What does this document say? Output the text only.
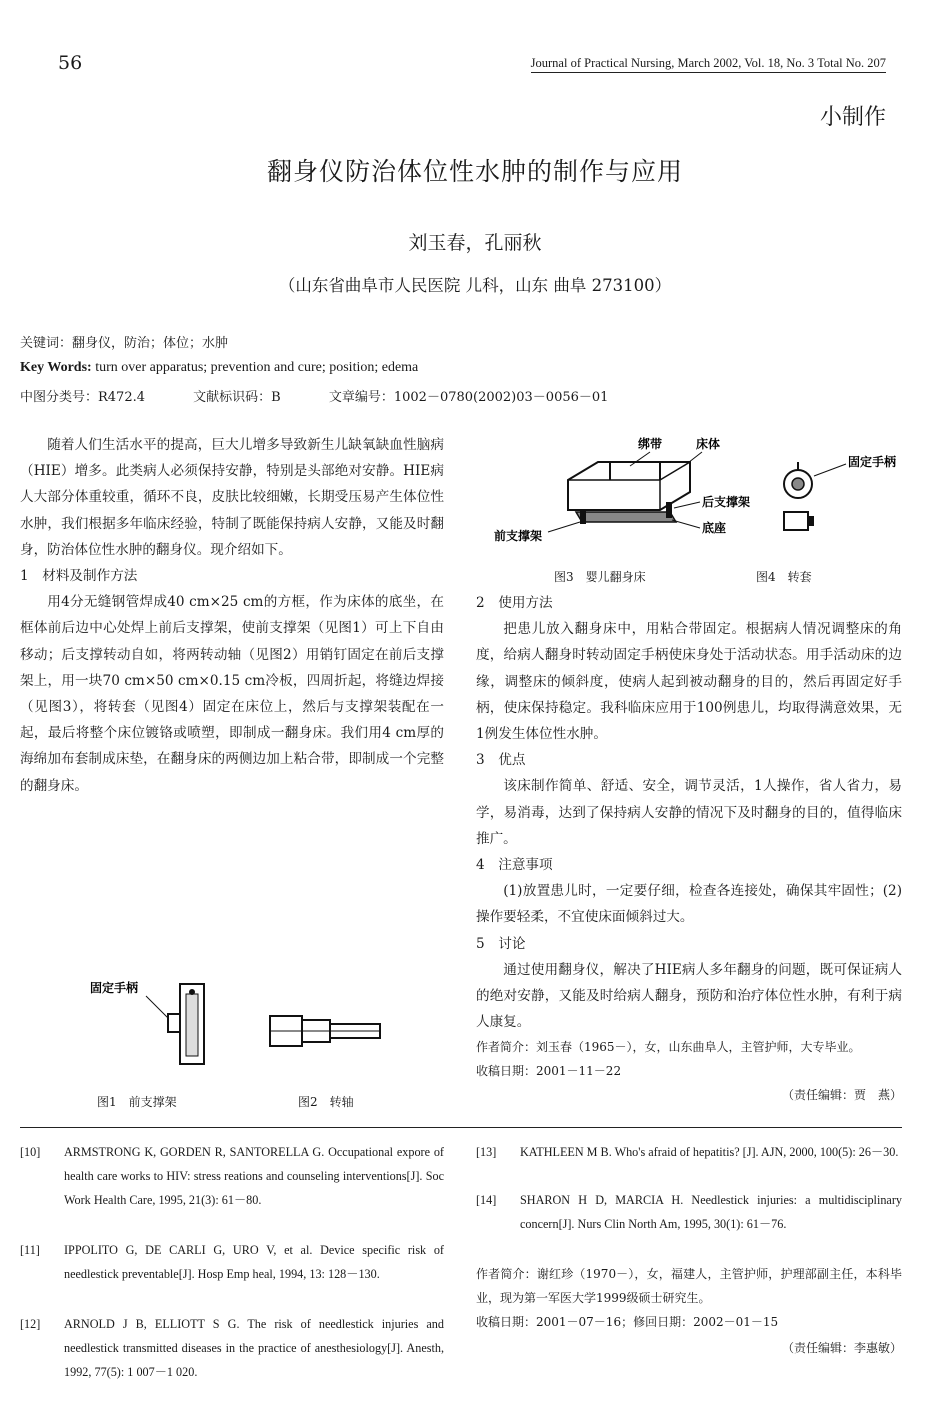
56	Journal of Practical Nursing, March 2002, Vol. 18, No. 3 Total No. 207
小制作
翻身仪防治体位性水肿的制作与应用
刘玉春，孔丽秋
（山东省曲阜市人民医院 儿科，山东 曲阜 273100）
关键词：翻身仪，防治；体位；水肿
Key Words: turn over apparatus; prevention and cure; position; edema
中图分类号：R472.4	文献标识码：B	文章编号：1002－0780(2002)03－0056－01

随着人们生活水平的提高，巨大儿增多导致新生儿缺氧缺血性脑病（HIE）增多。此类病人必须保持安静，特别是头部绝对安静。HIE病人大部分体重较重，循环不良，皮肤比较细嫩，长期受压易产生体位性水肿，我们根据多年临床经验，特制了既能保持病人安静，又能及时翻身，防治体位性水肿的翻身仪。现介绍如下。

1　材料及制作方法

用4分无缝钢管焊成40 cm×25 cm的方框，作为床体的底坐，在框体前后边中心处焊上前后支撑架，使前支撑架（见图1）可上下自由移动；后支撑转动自如，将两转动轴（见图2）用销钉固定在前后支撑架上，用一块70 cm×50 cm×0.15 cm冷板，四周折起，将缝边焊接（见图3），将转套（见图4）固定在床位上，然后与支撑架装配在一起，最后将整个床位镀铬或喷塑，即制成一翻身床。我们用4 cm厚的海绵加布套制成床垫，在翻身床的两侧边加上粘合带，即制成一个完整的翻身床。

固定手柄
图1　前支撑架	图2　转轴
绑带	床体
后支撑架
底座
前支撑架
固定手柄
图3　婴儿翻身床	图4　转套

2　使用方法

把患儿放入翻身床中，用粘合带固定。根据病人情况调整床的角度，给病人翻身时转动固定手柄使床身处于活动状态。用手活动床的边缘，调整床的倾斜度，使病人起到被动翻身的目的，然后再固定好手柄，使床保持稳定。我科临床应用于100例患儿，均取得满意效果，无1例发生体位性水肿。

3　优点

该床制作简单、舒适、安全，调节灵活，1人操作，省人省力，易学，易消毒，达到了保持病人安静的情况下及时翻身的目的，值得临床推广。

4　注意事项

(1)放置患儿时，一定要仔细，检查各连接处，确保其牢固性；(2)操作要轻柔，不宜使床面倾斜过大。

5　讨论

通过使用翻身仪，解决了HIE病人多年翻身的问题，既可保证病人的绝对安静，又能及时给病人翻身，预防和治疗体位性水肿，有利于病人康复。

作者简介：刘玉春（1965－），女，山东曲阜人，主管护师，大专毕业。
收稿日期：2001－11－22
（责任编辑：贾　燕）
[10] ARMSTRONG K, GORDEN R, SANTORELLA G. Occupational expore of health care works to HIV: stress reations and counseling interventions[J]. Soc Work Health Care, 1995, 21(3): 61－80.
[11] IPPOLITO G, DE CARLI G, URO V, et al. Device specific risk of needlestick preventable[J]. Hosp Emp heal, 1994, 13: 128－130.
[12] ARNOLD J B, ELLIOTT S G. The risk of needlestick injuries and needlestick transmitted diseases in the practice of anesthesiology[J]. Anesth, 1992, 77(5): 1 007－1 020.
[13] KATHLEEN M B. Who's afraid of hepatitis? [J]. AJN, 2000, 100(5): 26－30.
[14] SHARON H D, MARCIA H. Needlestick injuries: a multidisciplinary concern[J]. Nurs Clin North Am, 1995, 30(1): 61－76.
作者简介：谢红珍（1970－），女，福建人，主管护师，护理部副主任，本科毕业，现为第一军医大学1999级硕士研究生。
收稿日期：2001－07－16；修回日期：2002－01－15
（责任编辑：李惠敏）
